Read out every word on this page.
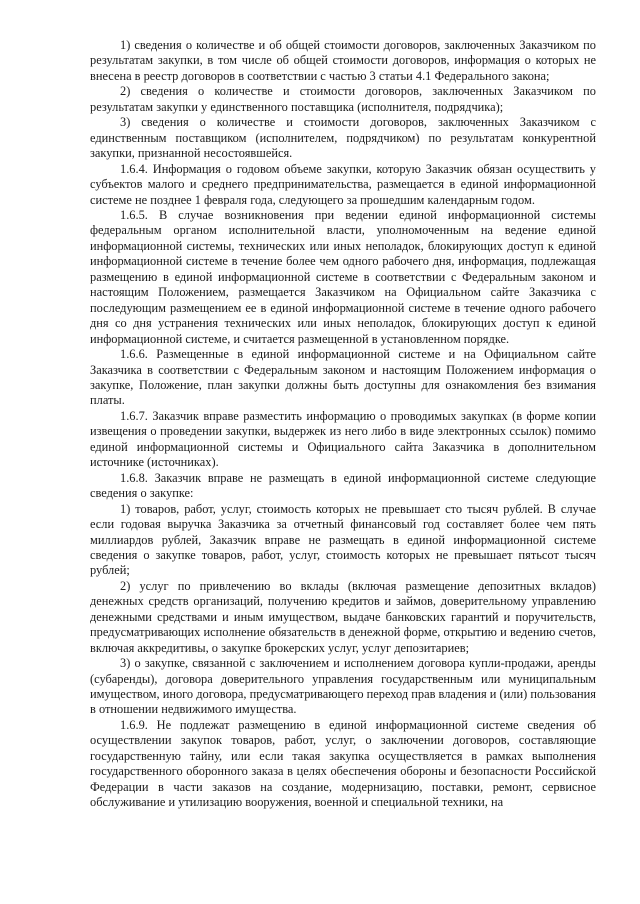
1) сведения о количестве и об общей стоимости договоров, заключенных Заказчиком по результатам закупки, в том числе об общей стоимости договоров, информация о которых не внесена в реестр договоров в соответствии с частью 3 статьи 4.1 Федерального закона;

2) сведения о количестве и стоимости договоров, заключенных Заказчиком по результатам закупки у единственного поставщика (исполнителя, подрядчика);

3) сведения о количестве и стоимости договоров, заключенных Заказчиком с единственным поставщиком (исполнителем, подрядчиком) по результатам конкурентной закупки, признанной несостоявшейся.

1.6.4. Информация о годовом объеме закупки, которую Заказчик обязан осуществить у субъектов малого и среднего предпринимательства, размещается в единой информационной системе не позднее 1 февраля года, следующего за прошедшим календарным годом.

1.6.5. В случае возникновения при ведении единой информационной системы федеральным органом исполнительной власти, уполномоченным на ведение единой информационной системы, технических или иных неполадок, блокирующих доступ к единой информационной системе в течение более чем одного рабочего дня, информация, подлежащая размещению в единой информационной системе в соответствии с Федеральным законом и настоящим Положением, размещается Заказчиком на Официальном сайте Заказчика с последующим размещением ее в единой информационной системе в течение одного рабочего дня со дня устранения технических или иных неполадок, блокирующих доступ к единой информационной системе, и считается размещенной в установленном порядке.

1.6.6. Размещенные в единой информационной системе и на Официальном сайте Заказчика в соответствии с Федеральным законом и настоящим Положением информация о закупке, Положение, план закупки должны быть доступны для ознакомления без взимания платы.

1.6.7. Заказчик вправе разместить информацию о проводимых закупках (в форме копии извещения о проведении закупки, выдержек из него либо в виде электронных ссылок) помимо единой информационной системы и Официального сайта Заказчика в дополнительном источнике (источниках).

1.6.8. Заказчик вправе не размещать в единой информационной системе следующие сведения о закупке:

1) товаров, работ, услуг, стоимость которых не превышает сто тысяч рублей. В случае если годовая выручка Заказчика за отчетный финансовый год составляет более чем пять миллиардов рублей, Заказчик вправе не размещать в единой информационной системе сведения о закупке товаров, работ, услуг, стоимость которых не превышает пятьсот тысяч рублей;

2) услуг по привлечению во вклады (включая размещение депозитных вкладов) денежных средств организаций, получению кредитов и займов, доверительному управлению денежными средствами и иным имуществом, выдаче банковских гарантий и поручительств, предусматривающих исполнение обязательств в денежной форме, открытию и ведению счетов, включая аккредитивы, о закупке брокерских услуг, услуг депозитариев;

3) о закупке, связанной с заключением и исполнением договора купли-продажи, аренды (субаренды), договора доверительного управления государственным или муниципальным имуществом, иного договора, предусматривающего переход прав владения и (или) пользования в отношении недвижимого имущества.

1.6.9. Не подлежат размещению в единой информационной системе сведения об осуществлении закупок товаров, работ, услуг, о заключении договоров, составляющие государственную тайну, или если такая закупка осуществляется в рамках выполнения государственного оборонного заказа в целях обеспечения обороны и безопасности Российской Федерации в части заказов на создание, модернизацию, поставки, ремонт, сервисное обслуживание и утилизацию вооружения, военной и специальной техники, на
